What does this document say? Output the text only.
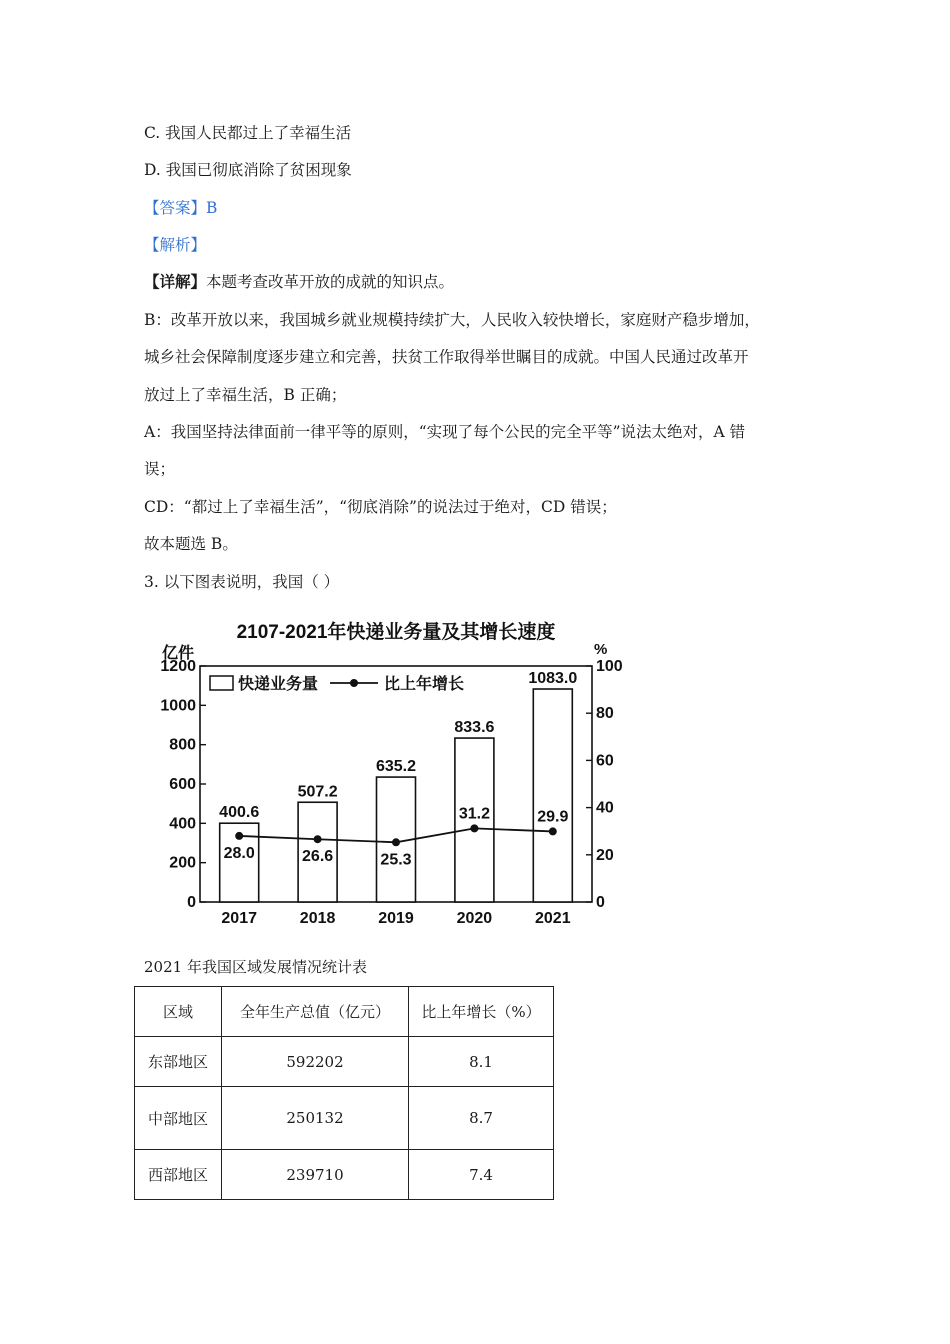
C. 我国人民都过上了幸福生活
D. 我国已彻底消除了贫困现象
【答案】B
【解析】
【详解】本题考查改革开放的成就的知识点。
B：改革开放以来，我国城乡就业规模持续扩大，人民收入较快增长，家庭财产稳步增加，
城乡社会保障制度逐步建立和完善，扶贫工作取得举世瞩目的成就。中国人民通过改革开
放过上了幸福生活，B 正确；
A：我国坚持法律面前一律平等的原则，“实现了每个公民的完全平等”说法太绝对，A 错
误；
CD：“都过上了幸福生活”，“彻底消除”的说法过于绝对，CD 错误；
故本题选 B。
3. 以下图表说明，我国（ ）
2107-2021年快递业务量及其增长速度
亿件	%
0
200
400
600
800
1000
1200
0
20
40
60
80
100
400.6
2017
507.2
2018
635.2
2019
833.6
2020
1083.0
2021
28.0	26.6	25.3
31.2	29.9
快递业务量	比上年增长
2021 年我国区域发展情况统计表
区域	全年生产总值（亿元）	比上年增长（%）
东部地区	592202	8.1
中部地区	250132	8.7
西部地区	239710	7.4
